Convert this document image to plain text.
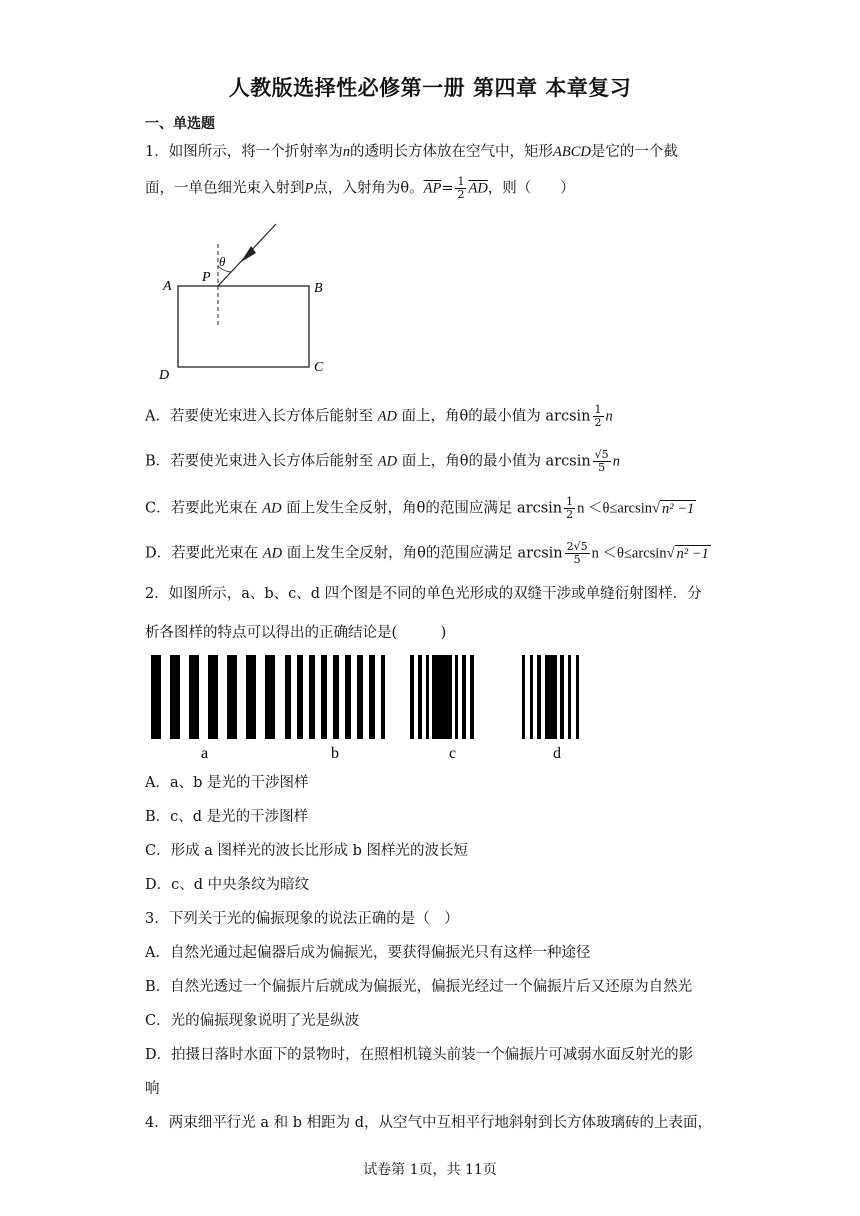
人教版选择性必修第一册 第四章 本章复习
一、单选题
1．如图所示，将一个折射率为n的透明长方体放在空气中，矩形ABCD是它的一个截
面，一单色细光束入射到P点，入射角为θ。$\overline{AP}= \frac{1}{2} \overline{AD}$，则（　　）
θ
A
P
B
C
D
A．若要使光束进入长方体后能射至 AD 面上，角θ的最小值为 $\arcsin \frac{1}{2}$ n
B．若要使光束进入长方体后能射至 AD 面上，角θ的最小值为 $\arcsin \frac{√5}{5}$ n
C．若要此光束在 AD 面上发生全反射，角θ的范围应满足 $\arcsin \frac{1}{2}$ n ＜θ≤arcsin√ n² −1
D．若要此光束在 AD 面上发生全反射，角θ的范围应满足 $\arcsin \frac{2√5}{5}$ n ＜θ≤arcsin√ n² −1
2．如图所示，a、b、c、d 四个图是不同的单色光形成的双缝干涉或单缝衍射图样．分
析各图样的特点可以得出的正确结论是(　　　)
a	b	c	d
A．a、b 是光的干涉图样
B．c、d 是光的干涉图样
C．形成 a 图样光的波长比形成 b 图样光的波长短
D．c、d 中央条纹为暗纹
3．下列关于光的偏振现象的说法正确的是（　）
A．自然光通过起偏器后成为偏振光，要获得偏振光只有这样一种途径
B．自然光透过一个偏振片后就成为偏振光，偏振光经过一个偏振片后又还原为自然光
C．光的偏振现象说明了光是纵波
D．拍摄日落时水面下的景物时，在照相机镜头前装一个偏振片可减弱水面反射光的影
响
4．两束细平行光 a 和 b 相距为 d，从空气中互相平行地斜射到长方体玻璃砖的上表面，
试卷第 1页，共 11页
